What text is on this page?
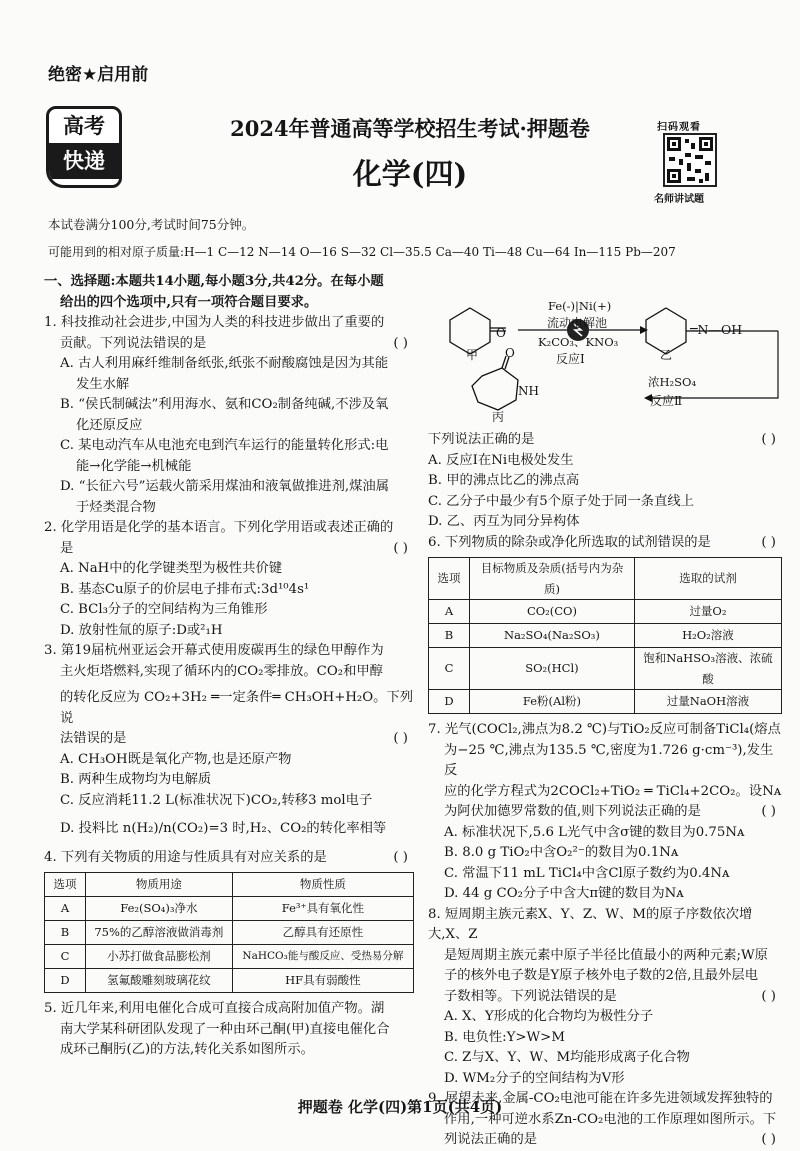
绝密★启用前
高考
快递
2024年普通高等学校招生考试·押题卷
化学(四)
扫码观看
名师讲试题
本试卷满分100分,考试时间75分钟。
可能用到的相对原子质量:H—1 C—12 N—14 O—16 S—32 Cl—35.5 Ca—40 Ti—48 Cu—64 In—115 Pb—207
一、选择题:本题共14小题,每小题3分,共42分。在每小题
给出的四个选项中,只有一项符合题目要求。
1. 科技推动社会进步,中国为人类的科技进步做出了重要的
贡献。下列说法错误的是	( )
A. 古人利用麻纤维制备纸张,纸张不耐酸腐蚀是因为其能
发生水解
B. “侯氏制碱法”利用海水、氨和CO₂制备纯碱,不涉及氧
化还原反应
C. 某电动汽车从电池充电到汽车运行的能量转化形式:电
能→化学能→机械能
D. “长征六号”运载火箭采用煤油和液氧做推进剂,煤油属
于烃类混合物
2. 化学用语是化学的基本语言。下列化学用语或表述正确的
是	( )
A. NaH中的化学键类型为极性共价键
B. 基态Cu原子的价层电子排布式:3d¹⁰4s¹
C. BCl₃分子的空间结构为三角锥形
D. 放射性氚的原子:D或²₁H
3. 第19届杭州亚运会开幕式使用废碳再生的绿色甲醇作为
主火炬塔燃料,实现了循环内的CO₂零排放。CO₂和甲醇
的转化反应为 CO₂+3H₂ ═一定条件═ CH₃OH+H₂O。下列说
法错误的是	( )
A. CH₃OH既是氧化产物,也是还原产物
B. 两种生成物均为电解质
C. 反应消耗11.2 L(标准状况下)CO₂,转移3 mol电子
D. 投料比 n(H₂)/n(CO₂)=3 时,H₂、CO₂的转化率相等
4. 下列有关物质的用途与性质具有对应关系的是	( )
选项	物质用途	物质性质
A	Fe₂(SO₄)₃净水	Fe³⁺具有氧化性
B	75%的乙醇溶液做消毒剂	乙醇具有还原性
C	小苏打做食品膨松剂	NaHCO₃能与酸反应、受热易分解
D	氢氟酸雕刻玻璃花纹	HF具有弱酸性
5. 近几年来,利用电催化合成可直接合成高附加值产物。湖
南大学某科研团队发现了一种由环己酮(甲)直接电催化合
成环己酮肟(乙)的方法,转化关系如图所示。
Fe(-)|Ni(+)
流动电解池
K₂CO₃、KNO₃
反应Ⅰ
O	═N—OH
甲	乙
浓H₂SO₄
反应Ⅱ
O
NH
丙
下列说法正确的是	( )
A. 反应Ⅰ在Ni电极处发生
B. 甲的沸点比乙的沸点高
C. 乙分子中最少有5个原子处于同一条直线上
D. 乙、丙互为同分异构体
6. 下列物质的除杂或净化所选取的试剂错误的是	( )
选项	目标物质及杂质(括号内为杂质)	选取的试剂
A	CO₂(CO)	过量O₂
B	Na₂SO₄(Na₂SO₃)	H₂O₂溶液
C	SO₂(HCl)	饱和NaHSO₃溶液、浓硫酸
D	Fe粉(Al粉)	过量NaOH溶液
7. 光气(COCl₂,沸点为8.2 ℃)与TiO₂反应可制备TiCl₄(熔点
为−25 ℃,沸点为135.5 ℃,密度为1.726 g·cm⁻³),发生反
应的化学方程式为2COCl₂+TiO₂ ═ TiCl₄+2CO₂。设Nᴀ
为阿伏加德罗常数的值,则下列说法正确的是	( )
A. 标准状况下,5.6 L光气中含σ键的数目为0.75Nᴀ
B. 8.0 g TiO₂中含O₂²⁻的数目为0.1Nᴀ
C. 常温下11 mL TiCl₄中含Cl原子数约为0.4Nᴀ
D. 44 g CO₂分子中含大π键的数目为Nᴀ
8. 短周期主族元素X、Y、Z、W、M的原子序数依次增大,X、Z
是短周期主族元素中原子半径比值最小的两种元素;W原
子的核外电子数是Y原子核外电子数的2倍,且最外层电
子数相等。下列说法错误的是	( )
A. X、Y形成的化合物均为极性分子
B. 电负性:Y>W>M
C. Z与X、Y、W、M均能形成离子化合物
D. WM₂分子的空间结构为V形
9. 展望未来,金属-CO₂电池可能在许多先进领域发挥独特的
作用,一种可逆水系Zn-CO₂电池的工作原理如图所示。下
列说法正确的是	( )
押题卷 化学(四)第1页(共4页)
